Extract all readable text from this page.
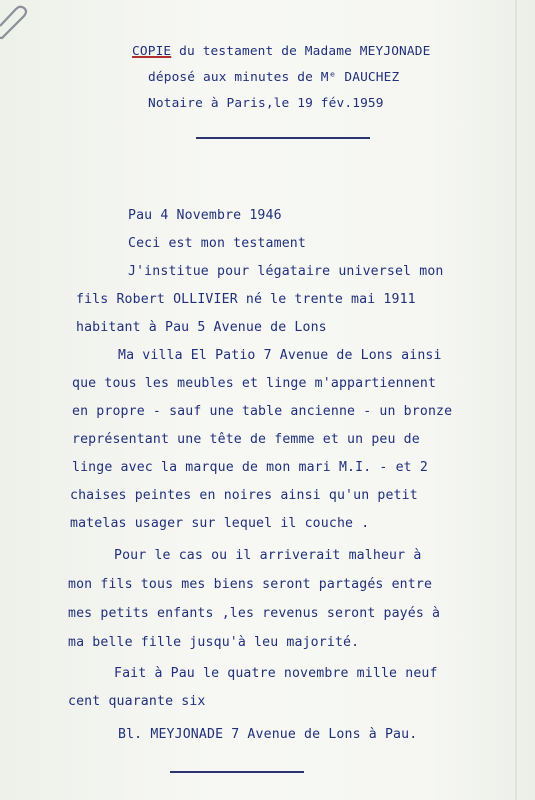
COPIE du testament de Madame MEYJONADE
déposé aux minutes de Mᵉ DAUCHEZ
Notaire à Paris,le 19 fév.1959
Pau 4 Novembre 1946
Ceci est mon testament
J'institue pour légataire universel mon
fils Robert OLLIVIER né le trente mai 1911
habitant à Pau 5 Avenue de Lons
Ma villa El Patio 7 Avenue de Lons ainsi
que tous les meubles et linge m'appartiennent
en propre - sauf une table ancienne - un bronze
représentant une tête de femme et un peu de
linge avec la marque de mon mari M.I. - et 2
chaises peintes en noires ainsi qu'un petit
matelas usager sur lequel il couche .
Pour le cas ou il arriverait malheur à
mon fils tous mes biens seront partagés entre
mes petits enfants ,les revenus seront payés à
ma belle fille jusqu'à leu majorité.
Fait à Pau le quatre novembre mille neuf
cent quarante six
Bl. MEYJONADE 7 Avenue de Lons à Pau.
